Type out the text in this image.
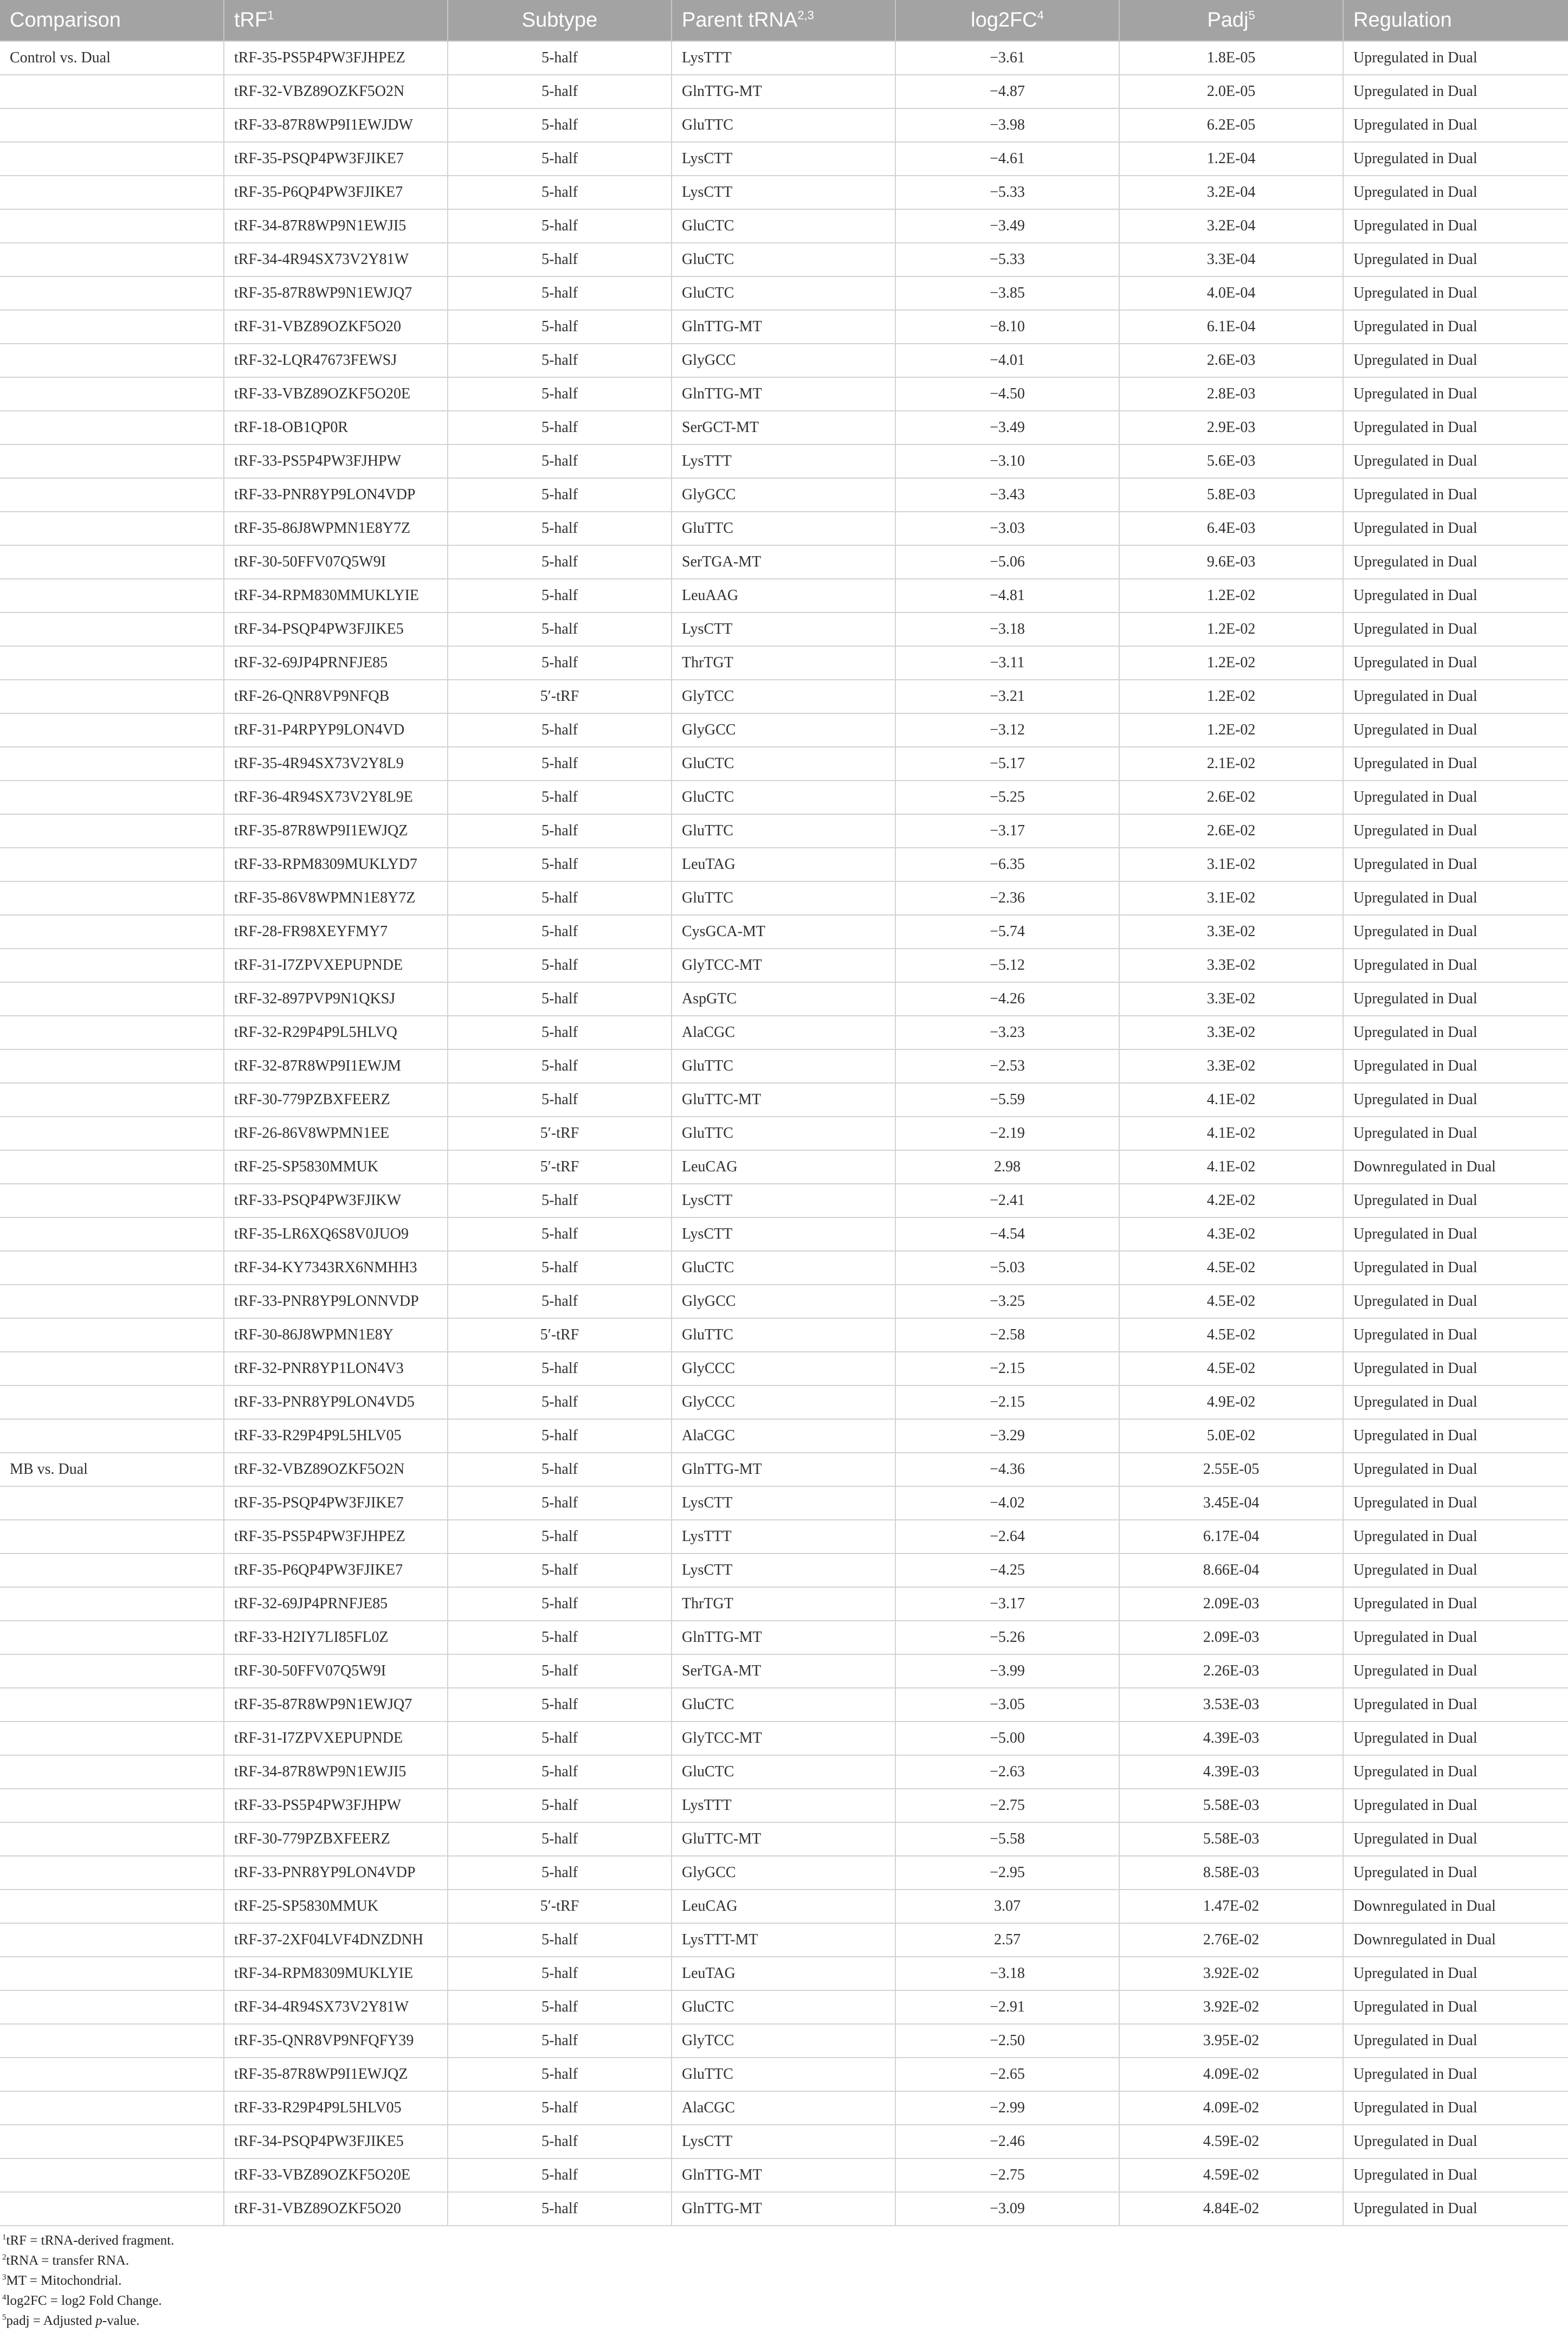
Comparison	tRF$^1$	Subtype	Parent tRNA$^{2,3}$	$\log 2FC^4$	Padj$^5$	Regulation
Control vs. Dual	tRF-35-PS5P4PW3FJHPEZ	5-half	LysTTT	−3.61	1.8E-05	Upregulated in Dual
	tRF-32-VBZ89OZKF5O2N	5-half	GlnTTG-MT	−4.87	2.0E-05	Upregulated in Dual
	tRF-33-87R8WP9I1EWJDW	5-half	GluTTC	−3.98	6.2E-05	Upregulated in Dual
	tRF-35-PSQP4PW3FJIKE7	5-half	LysCTT	−4.61	1.2E-04	Upregulated in Dual
	tRF-35-P6QP4PW3FJIKE7	5-half	LysCTT	−5.33	3.2E-04	Upregulated in Dual
	tRF-34-87R8WP9N1EWJI5	5-half	GluCTC	−3.49	3.2E-04	Upregulated in Dual
	tRF-34-4R94SX73V2Y81W	5-half	GluCTC	−5.33	3.3E-04	Upregulated in Dual
	tRF-35-87R8WP9N1EWJQ7	5-half	GluCTC	−3.85	4.0E-04	Upregulated in Dual
	tRF-31-VBZ89OZKF5O20	5-half	GlnTTG-MT	−8.10	6.1E-04	Upregulated in Dual
	tRF-32-LQR47673FEWSJ	5-half	GlyGCC	−4.01	2.6E-03	Upregulated in Dual
	tRF-33-VBZ89OZKF5O20E	5-half	GlnTTG-MT	−4.50	2.8E-03	Upregulated in Dual
	tRF-18-OB1QP0R	5-half	SerGCT-MT	−3.49	2.9E-03	Upregulated in Dual
	tRF-33-PS5P4PW3FJHPW	5-half	LysTTT	−3.10	5.6E-03	Upregulated in Dual
	tRF-33-PNR8YP9LON4VDP	5-half	GlyGCC	−3.43	5.8E-03	Upregulated in Dual
	tRF-35-86J8WPMN1E8Y7Z	5-half	GluTTC	−3.03	6.4E-03	Upregulated in Dual
	tRF-30-50FFV07Q5W9I	5-half	SerTGA-MT	−5.06	9.6E-03	Upregulated in Dual
	tRF-34-RPM830MMUKLYIE	5-half	LeuAAG	−4.81	1.2E-02	Upregulated in Dual
	tRF-34-PSQP4PW3FJIKE5	5-half	LysCTT	−3.18	1.2E-02	Upregulated in Dual
	tRF-32-69JP4PRNFJE85	5-half	ThrTGT	−3.11	1.2E-02	Upregulated in Dual
	tRF-26-QNR8VP9NFQB	5′-tRF	GlyTCC	−3.21	1.2E-02	Upregulated in Dual
	tRF-31-P4RPYP9LON4VD	5-half	GlyGCC	−3.12	1.2E-02	Upregulated in Dual
	tRF-35-4R94SX73V2Y8L9	5-half	GluCTC	−5.17	2.1E-02	Upregulated in Dual
	tRF-36-4R94SX73V2Y8L9E	5-half	GluCTC	−5.25	2.6E-02	Upregulated in Dual
	tRF-35-87R8WP9I1EWJQZ	5-half	GluTTC	−3.17	2.6E-02	Upregulated in Dual
	tRF-33-RPM8309MUKLYD7	5-half	LeuTAG	−6.35	3.1E-02	Upregulated in Dual
	tRF-35-86V8WPMN1E8Y7Z	5-half	GluTTC	−2.36	3.1E-02	Upregulated in Dual
	tRF-28-FR98XEYFMY7	5-half	CysGCA-MT	−5.74	3.3E-02	Upregulated in Dual
	tRF-31-I7ZPVXEPUPNDE	5-half	GlyTCC-MT	−5.12	3.3E-02	Upregulated in Dual
	tRF-32-897PVP9N1QKSJ	5-half	AspGTC	−4.26	3.3E-02	Upregulated in Dual
	tRF-32-R29P4P9L5HLVQ	5-half	AlaCGC	−3.23	3.3E-02	Upregulated in Dual
	tRF-32-87R8WP9I1EWJM	5-half	GluTTC	−2.53	3.3E-02	Upregulated in Dual
	tRF-30-779PZBXFEERZ	5-half	GluTTC-MT	−5.59	4.1E-02	Upregulated in Dual
	tRF-26-86V8WPMN1EE	5′-tRF	GluTTC	−2.19	4.1E-02	Upregulated in Dual
	tRF-25-SP5830MMUK	5′-tRF	LeuCAG	2.98	4.1E-02	Downregulated in Dual
	tRF-33-PSQP4PW3FJIKW	5-half	LysCTT	−2.41	4.2E-02	Upregulated in Dual
	tRF-35-LR6XQ6S8V0JUO9	5-half	LysCTT	−4.54	4.3E-02	Upregulated in Dual
	tRF-34-KY7343RX6NMHH3	5-half	GluCTC	−5.03	4.5E-02	Upregulated in Dual
	tRF-33-PNR8YP9LONNVDP	5-half	GlyGCC	−3.25	4.5E-02	Upregulated in Dual
	tRF-30-86J8WPMN1E8Y	5′-tRF	GluTTC	−2.58	4.5E-02	Upregulated in Dual
	tRF-32-PNR8YP1LON4V3	5-half	GlyCCC	−2.15	4.5E-02	Upregulated in Dual
	tRF-33-PNR8YP9LON4VD5	5-half	GlyCCC	−2.15	4.9E-02	Upregulated in Dual
	tRF-33-R29P4P9L5HLV05	5-half	AlaCGC	−3.29	5.0E-02	Upregulated in Dual
MB vs. Dual	tRF-32-VBZ89OZKF5O2N	5-half	GlnTTG-MT	−4.36	2.55E-05	Upregulated in Dual
	tRF-35-PSQP4PW3FJIKE7	5-half	LysCTT	−4.02	3.45E-04	Upregulated in Dual
	tRF-35-PS5P4PW3FJHPEZ	5-half	LysTTT	−2.64	6.17E-04	Upregulated in Dual
	tRF-35-P6QP4PW3FJIKE7	5-half	LysCTT	−4.25	8.66E-04	Upregulated in Dual
	tRF-32-69JP4PRNFJE85	5-half	ThrTGT	−3.17	2.09E-03	Upregulated in Dual
	tRF-33-H2IY7LI85FL0Z	5-half	GlnTTG-MT	−5.26	2.09E-03	Upregulated in Dual
	tRF-30-50FFV07Q5W9I	5-half	SerTGA-MT	−3.99	2.26E-03	Upregulated in Dual
	tRF-35-87R8WP9N1EWJQ7	5-half	GluCTC	−3.05	3.53E-03	Upregulated in Dual
	tRF-31-I7ZPVXEPUPNDE	5-half	GlyTCC-MT	−5.00	4.39E-03	Upregulated in Dual
	tRF-34-87R8WP9N1EWJI5	5-half	GluCTC	−2.63	4.39E-03	Upregulated in Dual
	tRF-33-PS5P4PW3FJHPW	5-half	LysTTT	−2.75	5.58E-03	Upregulated in Dual
	tRF-30-779PZBXFEERZ	5-half	GluTTC-MT	−5.58	5.58E-03	Upregulated in Dual
	tRF-33-PNR8YP9LON4VDP	5-half	GlyGCC	−2.95	8.58E-03	Upregulated in Dual
	tRF-25-SP5830MMUK	5′-tRF	LeuCAG	3.07	1.47E-02	Downregulated in Dual
	tRF-37-2XF04LVF4DNZDNH	5-half	LysTTT-MT	2.57	2.76E-02	Downregulated in Dual
	tRF-34-RPM8309MUKLYIE	5-half	LeuTAG	−3.18	3.92E-02	Upregulated in Dual
	tRF-34-4R94SX73V2Y81W	5-half	GluCTC	−2.91	3.92E-02	Upregulated in Dual
	tRF-35-QNR8VP9NFQFY39	5-half	GlyTCC	−2.50	3.95E-02	Upregulated in Dual
	tRF-35-87R8WP9I1EWJQZ	5-half	GluTTC	−2.65	4.09E-02	Upregulated in Dual
	tRF-33-R29P4P9L5HLV05	5-half	AlaCGC	−2.99	4.09E-02	Upregulated in Dual
	tRF-34-PSQP4PW3FJIKE5	5-half	LysCTT	−2.46	4.59E-02	Upregulated in Dual
	tRF-33-VBZ89OZKF5O20E	5-half	GlnTTG-MT	−2.75	4.59E-02	Upregulated in Dual
	tRF-31-VBZ89OZKF5O20	5-half	GlnTTG-MT	−3.09	4.84E-02	Upregulated in Dual
$^1$tRF = tRNA-derived fragment.
$^2$tRNA = transfer RNA.
$^3$MT = Mitochondrial.
$^4$log2FC = log2 Fold Change.
$^5$padj = Adjusted p-value.
